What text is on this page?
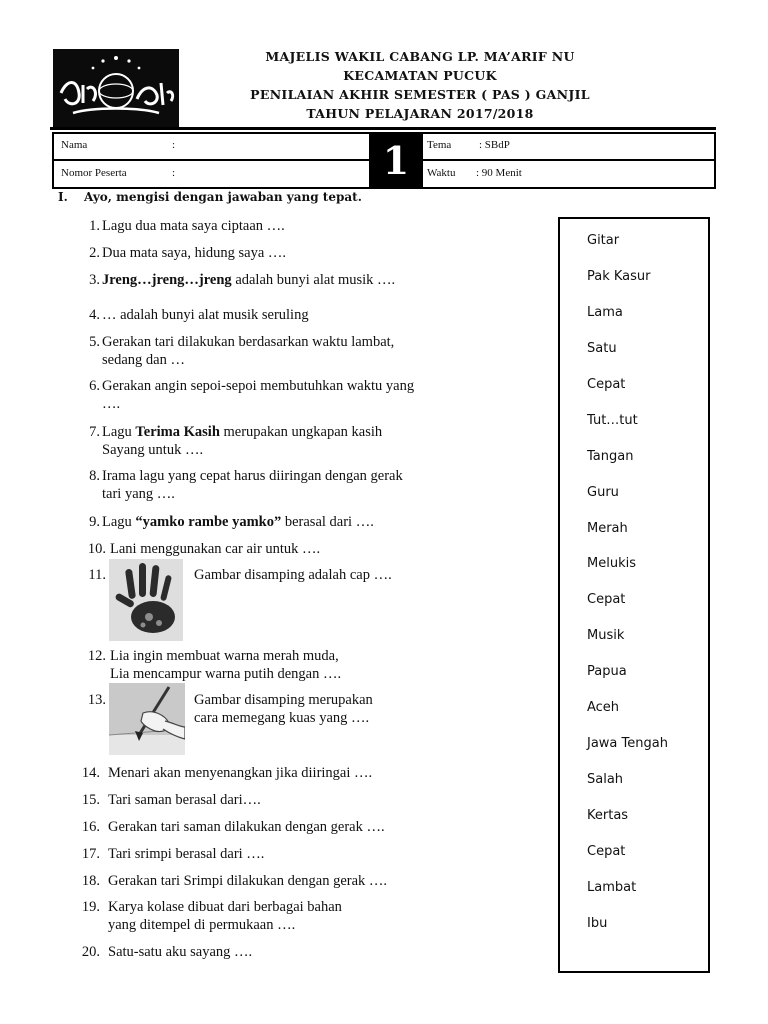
MAJELIS WAKIL CABANG LP. MA’ARIF NU
KECAMATAN PUCUK
PENILAIAN AKHIR SEMESTER ( PAS ) GANJIL
TAHUN PELAJARAN 2017/2018
1
Nama	:
Nomor Peserta	:
Tema	: SBdP
Waktu : 90 Menit
I. Ayo, mengisi dengan jawaban yang tepat.
1. Lagu dua mata saya ciptaan ….
2. Dua mata saya, hidung saya ….
3. Jreng…jreng…jreng adalah bunyi alat musik ….
4. … adalah bunyi alat musik seruling
5. Gerakan tari dilakukan berdasarkan waktu lambat,
sedang dan …
6. Gerakan angin sepoi-sepoi membutuhkan waktu yang
….
7. Lagu Terima Kasih merupakan ungkapan kasih
Sayang untuk ….
8. Irama lagu yang cepat harus diiringan dengan gerak
tari yang ….
9. Lagu “yamko rambe yamko” berasal dari ….
10. Lani menggunakan car air untuk ….
11.	Gambar disamping adalah cap ….
12. Lia ingin membuat warna merah muda,
Lia mencampur warna putih dengan ….
13.	Gambar disamping merupakan
cara memegang kuas yang ….
14. Menari akan menyenangkan jika diiringai ….
15. Tari saman berasal dari….
16. Gerakan tari saman dilakukan dengan gerak ….
17. Tari srimpi berasal dari ….
18. Gerakan tari Srimpi dilakukan dengan gerak ….
19. Karya kolase dibuat dari berbagai bahan
yang ditempel di permukaan ….
20. Satu-satu aku sayang ….
Gitar
Pak Kasur
Lama
Satu
Cepat
Tut…tut
Tangan
Guru
Merah
Melukis
Cepat
Musik
Papua
Aceh
Jawa Tengah
Salah
Kertas
Cepat
Lambat
Ibu
